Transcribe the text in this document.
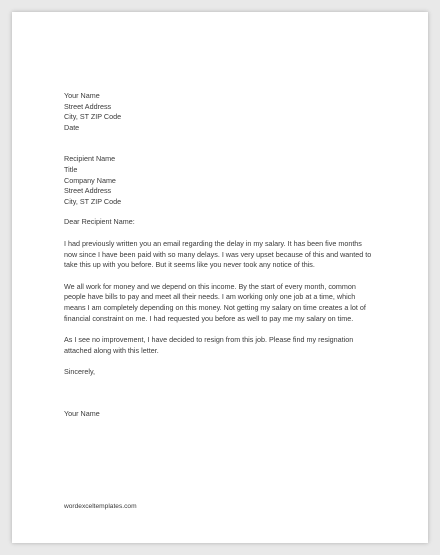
Your Name
Street Address
City, ST ZIP Code
Date
Recipient Name
Title
Company Name
Street Address
City, ST ZIP Code
Dear Recipient Name:
I had previously written you an email regarding the delay in my salary. It has been five months
now since I have been paid with so many delays. I was very upset because of this and wanted to
take this up with you before. But it seems like you never took any notice of this.
We all work for money and we depend on this income. By the start of every month, common
people have bills to pay and meet all their needs. I am working only one job at a time, which
means I am completely depending on this money. Not getting my salary on time creates a lot of
financial constraint on me. I had requested you before as well to pay me my salary on time.
As I see no improvement, I have decided to resign from this job. Please find my resignation
attached along with this letter.
Sincerely,
Your Name
wordexceltemplates.com
